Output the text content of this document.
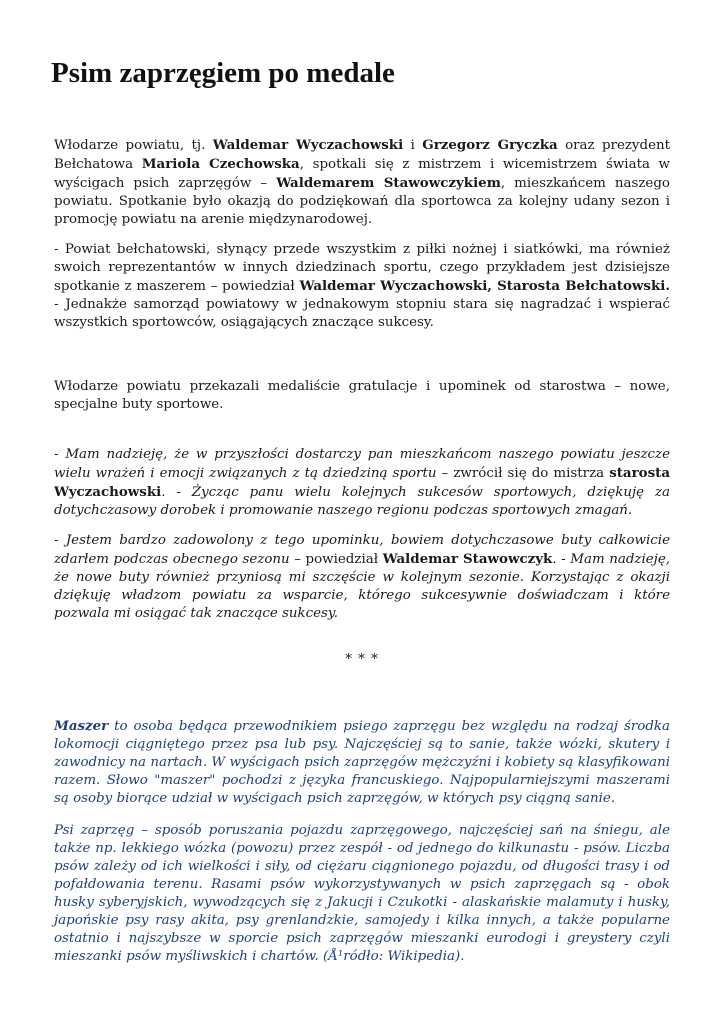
Psim zaprzęgiem po medale

Włodarze powiatu, tj. Waldemar Wyczachowski i Grzegorz Gryczka oraz prezydent Bełchatowa Mariola Czechowska, spotkali się z mistrzem i wicemistrzem świata w wyścigach psich zaprzęgów – Waldemarem Stawowczykiem, mieszkańcem naszego powiatu. Spotkanie było okazją do podziękowań dla sportowca za kolejny udany sezon i promocję powiatu na arenie międzynarodowej.

- Powiat bełchatowski, słynący przede wszystkim z piłki nożnej i siatkówki, ma również swoich reprezentantów w innych dziedzinach sportu, czego przykładem jest dzisiejsze spotkanie z maszerem – powiedział Waldemar Wyczachowski, Starosta Bełchatowski. - Jednakże samorząd powiatowy w jednakowym stopniu stara się nagradzać i wspierać wszystkich sportowców, osiągających znaczące sukcesy.

Włodarze powiatu przekazali medaliście gratulacje i upominek od starostwa – nowe, specjalne buty sportowe.

- Mam nadzieję, że w przyszłości dostarczy pan mieszkańcom naszego powiatu jeszcze wielu wrażeń i emocji związanych z tą dziedziną sportu – zwrócił się do mistrza starosta Wyczachowski. - Życząc panu wielu kolejnych sukcesów sportowych, dziękuję za dotychczasowy dorobek i promowanie naszego regionu podczas sportowych zmagań.

- Jestem bardzo zadowolony z tego upominku, bowiem dotychczasowe buty całkowicie zdarłem podczas obecnego sezonu – powiedział Waldemar Stawowczyk. - Mam nadzieję, że nowe buty również przyniosą mi szczęście w kolejnym sezonie. Korzystając z okazji dziękuję władzom powiatu za wsparcie, którego sukcesywnie doświadczam i które pozwala mi osiągać tak znaczące sukcesy.

* * *

Maszer to osoba będąca przewodnikiem psiego zaprzęgu bez względu na rodzaj środka lokomocji ciągniętego przez psa lub psy. Najczęściej są to sanie, także wózki, skutery i zawodnicy na nartach. W wyścigach psich zaprzęgów mężczyźni i kobiety są klasyfikowani razem. Słowo "maszer" pochodzi z języka francuskiego. Najpopularniejszymi maszerami są osoby biorące udział w wyścigach psich zaprzęgów, w których psy ciągną sanie.

Psi zaprzęg – sposób poruszania pojazdu zaprzęgowego, najczęściej sań na śniegu, ale także np. lekkiego wózka (powozu) przez zespół - od jednego do kilkunastu - psów. Liczba psów zależy od ich wielkości i siły, od ciężaru ciągnionego pojazdu, od długości trasy i od pofałdowania terenu. Rasami psów wykorzystywanych w psich zaprzęgach są - obok husky syberyjskich, wywodzących się z Jakucji i Czukotki - alaskańskie malamuty i husky, japońskie psy rasy akita, psy grenlandzkie, samojedy i kilka innych, a także popularne ostatnio i najszybsze w sporcie psich zaprzęgów mieszanki eurodogi i greystery czyli mieszanki psów myśliwskich i chartów. (Å¹ródło: Wikipedia).
